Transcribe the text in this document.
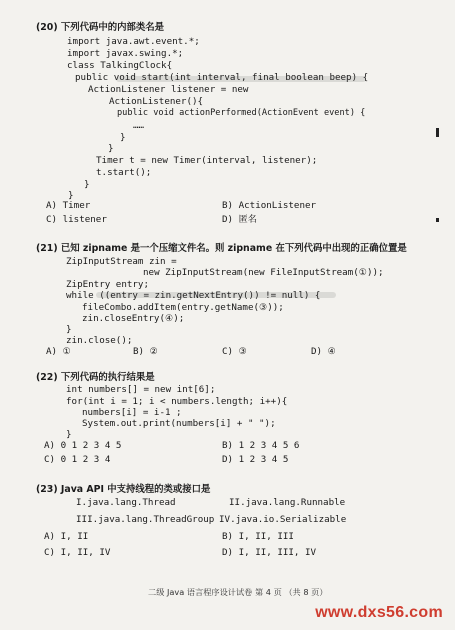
(20) 下列代码中的内部类名是
import java.awt.event.*;
import javax.swing.*;
class TalkingClock{
public void start(int interval, final boolean beep) {
ActionListener listener = new
ActionListener(){
public void actionPerformed(ActionEvent event) {
……
}
}
Timer t = new Timer(interval, listener);
t.start();
}
}
A) Timer	B) ActionListener
C) listener	D) 匿名
(21) 已知 zipname 是一个压缩文件名。则 zipname 在下列代码中出现的正确位置是
ZipInputStream zin =
new ZipInputStream(new FileInputStream(①));
ZipEntry entry;
while ((entry = zin.getNextEntry()) != null) {
fileCombo.addItem(entry.getName(③));
zin.closeEntry(④);
}
zin.close();
A) ①	B) ②	C) ③	D) ④
(22) 下列代码的执行结果是
int numbers[] = new int[6];
for(int i = 1; i < numbers.length; i++){
numbers[i] = i-1 ;
System.out.print(numbers[i] + " ");
}
A) 0 1 2 3 4 5	B) 1 2 3 4 5 6
C) 0 1 2 3 4	D) 1 2 3 4 5
(23) Java API 中支持线程的类或接口是
I.java.lang.Thread	II.java.lang.Runnable
III.java.lang.ThreadGroup IV.java.io.Serializable
A) I, II	B) I, II, III
C) I, II, IV	D) I, II, III, IV
二级 Java 语言程序设计试卷 第 4 页 （共 8 页）
www.dxs56.com
